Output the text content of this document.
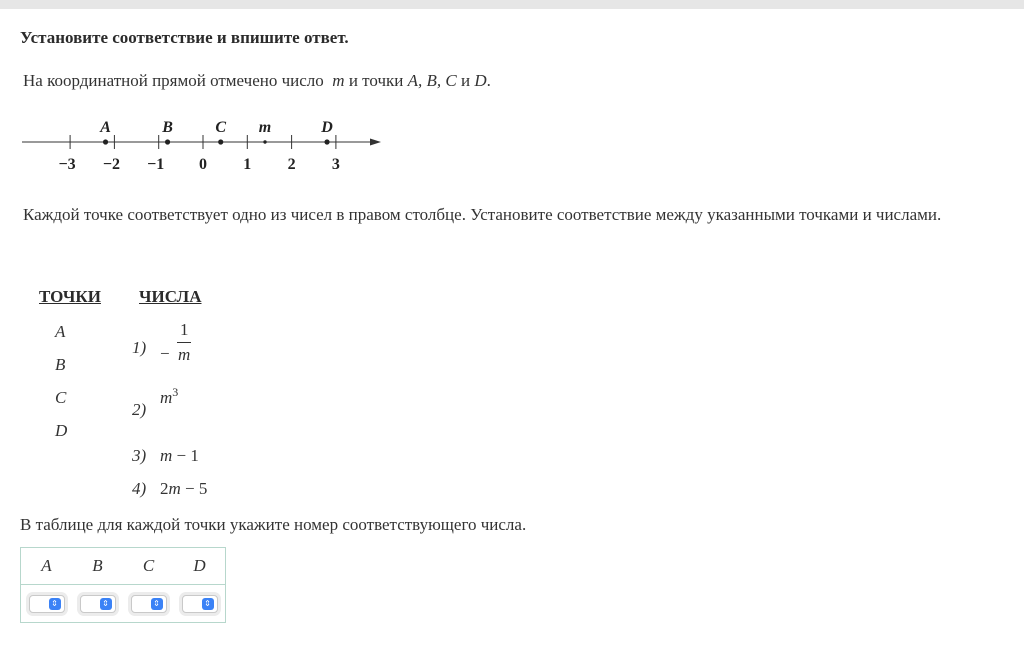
Установите соответствие и впишите ответ.
На координатной прямой отмечено число m и точки A, B, C и D.
−3 −2 −1 0 1 2 3
A	B	C m	D
Каждой точке соответствует одно из чисел в правом столбце. Установите соответствие между указанными точками и числами.
ТОЧКИ ЧИСЛА
A
B
C
D
1) −
1
m
2)
$m^3$
3) m − 1
4) 2m − 5
В таблице для каждой точки укажите номер соответствующего числа.
A	B	C	D

⇕	⇕	⇕	⇕
